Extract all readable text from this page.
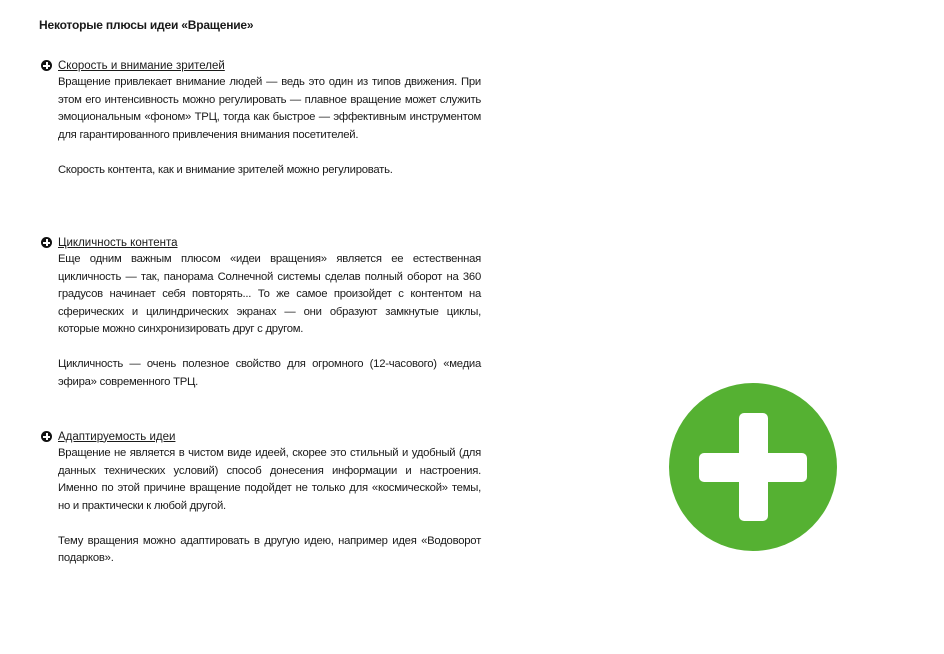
Некоторые плюсы идеи «Вращение»
Скорость и внимание зрителей

Вращение привлекает внимание людей — ведь это один из типов движения. При этом его интенсивность можно регулировать — плавное вращение может служить эмоциональным «фоном» ТРЦ, тогда как быстрое — эффективным инструментом для гарантированного привлечения внимания посетителей.

Скорость контента, как и внимание зрителей можно регулировать.

Цикличность контента

Еще одним важным плюсом «идеи вращения» является ее естественная цикличность — так, панорама Солнечной системы сделав полный оборот на 360 градусов начинает себя повторять... То же самое произойдет с контентом на сферических и цилиндрических экранах — они образуют замкнутые циклы, которые можно синхронизировать друг с другом.

Цикличность — очень полезное свойство для огромного (12-часового) «медиа эфира» современного ТРЦ.

Адаптируемость идеи

Вращение не является в чистом виде идеей, скорее это стильный и удобный (для данных технических условий) способ донесения информации и настроения. Именно по этой причине вращение подойдет не только для «космической» темы, но и практически к любой другой.

Тему вращения можно адаптировать в другую идею, например идея «Водоворот подарков».
